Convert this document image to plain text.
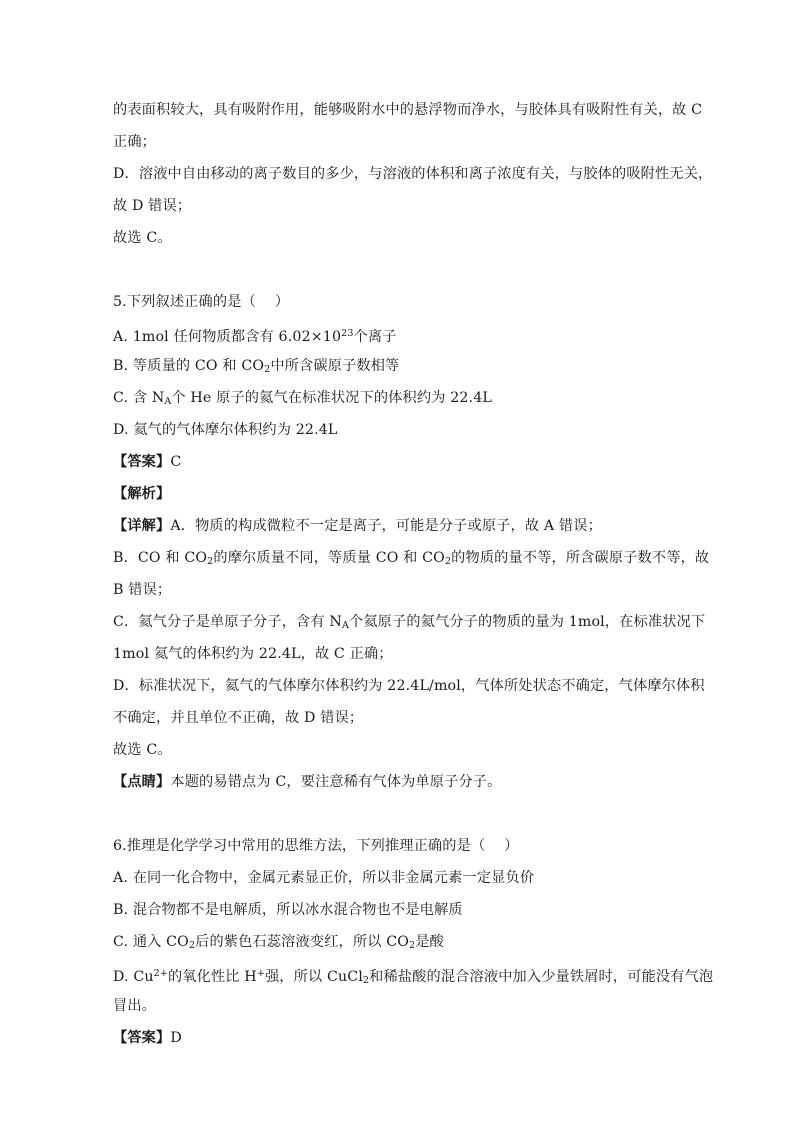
的表面积较大，具有吸附作用，能够吸附水中的悬浮物而净水，与胶体具有吸附性有关，故 C
正确；
D．溶液中自由移动的离子数目的多少，与溶液的体积和离子浓度有关，与胶体的吸附性无关，
故 D 错误；
故选 C。
5.下列叙述正确的是（　 ）
A. 1mol 任何物质都含有 $6.02\times 10^{23}$个离子
B. 等质量的 CO 和 $CO_2$中所含碳原子数相等
C. 含 $N_A$个 He 原子的氦气在标准状况下的体积约为 22.4L
D. 氦气的气体摩尔体积约为 22.4L
【答案】C
【解析】
【详解】A．物质的构成微粒不一定是离子，可能是分子或原子，故 A 错误；
B．CO 和 $CO_2$的摩尔质量不同，等质量 CO 和 $CO_2$的物质的量不等，所含碳原子数不等，故
B 错误；
C．氦气分子是单原子分子，含有 $N_A$个氦原子的氦气分子的物质的量为 1mol，在标准状况下
1mol 氦气的体积约为 22.4L，故 C 正确；
D．标准状况下，氦气的气体摩尔体积约为 22.4L/mol，气体所处状态不确定，气体摩尔体积
不确定，并且单位不正确，故 D 错误；
故选 C。
【点睛】本题的易错点为 C，要注意稀有气体为单原子分子。
6.推理是化学学习中常用的思维方法，下列推理正确的是（　 ）
A. 在同一化合物中，金属元素显正价，所以非金属元素一定显负价
B. 混合物都不是电解质，所以冰水混合物也不是电解质
C. 通入 $CO_2$后的紫色石蕊溶液变红，所以 $CO_2$是酸
D. $Cu^{2+}$的氧化性比 H+强，所以 CuCl$_2$和稀盐酸的混合溶液中加入少量铁屑时，可能没有气泡
冒出。
【答案】D
